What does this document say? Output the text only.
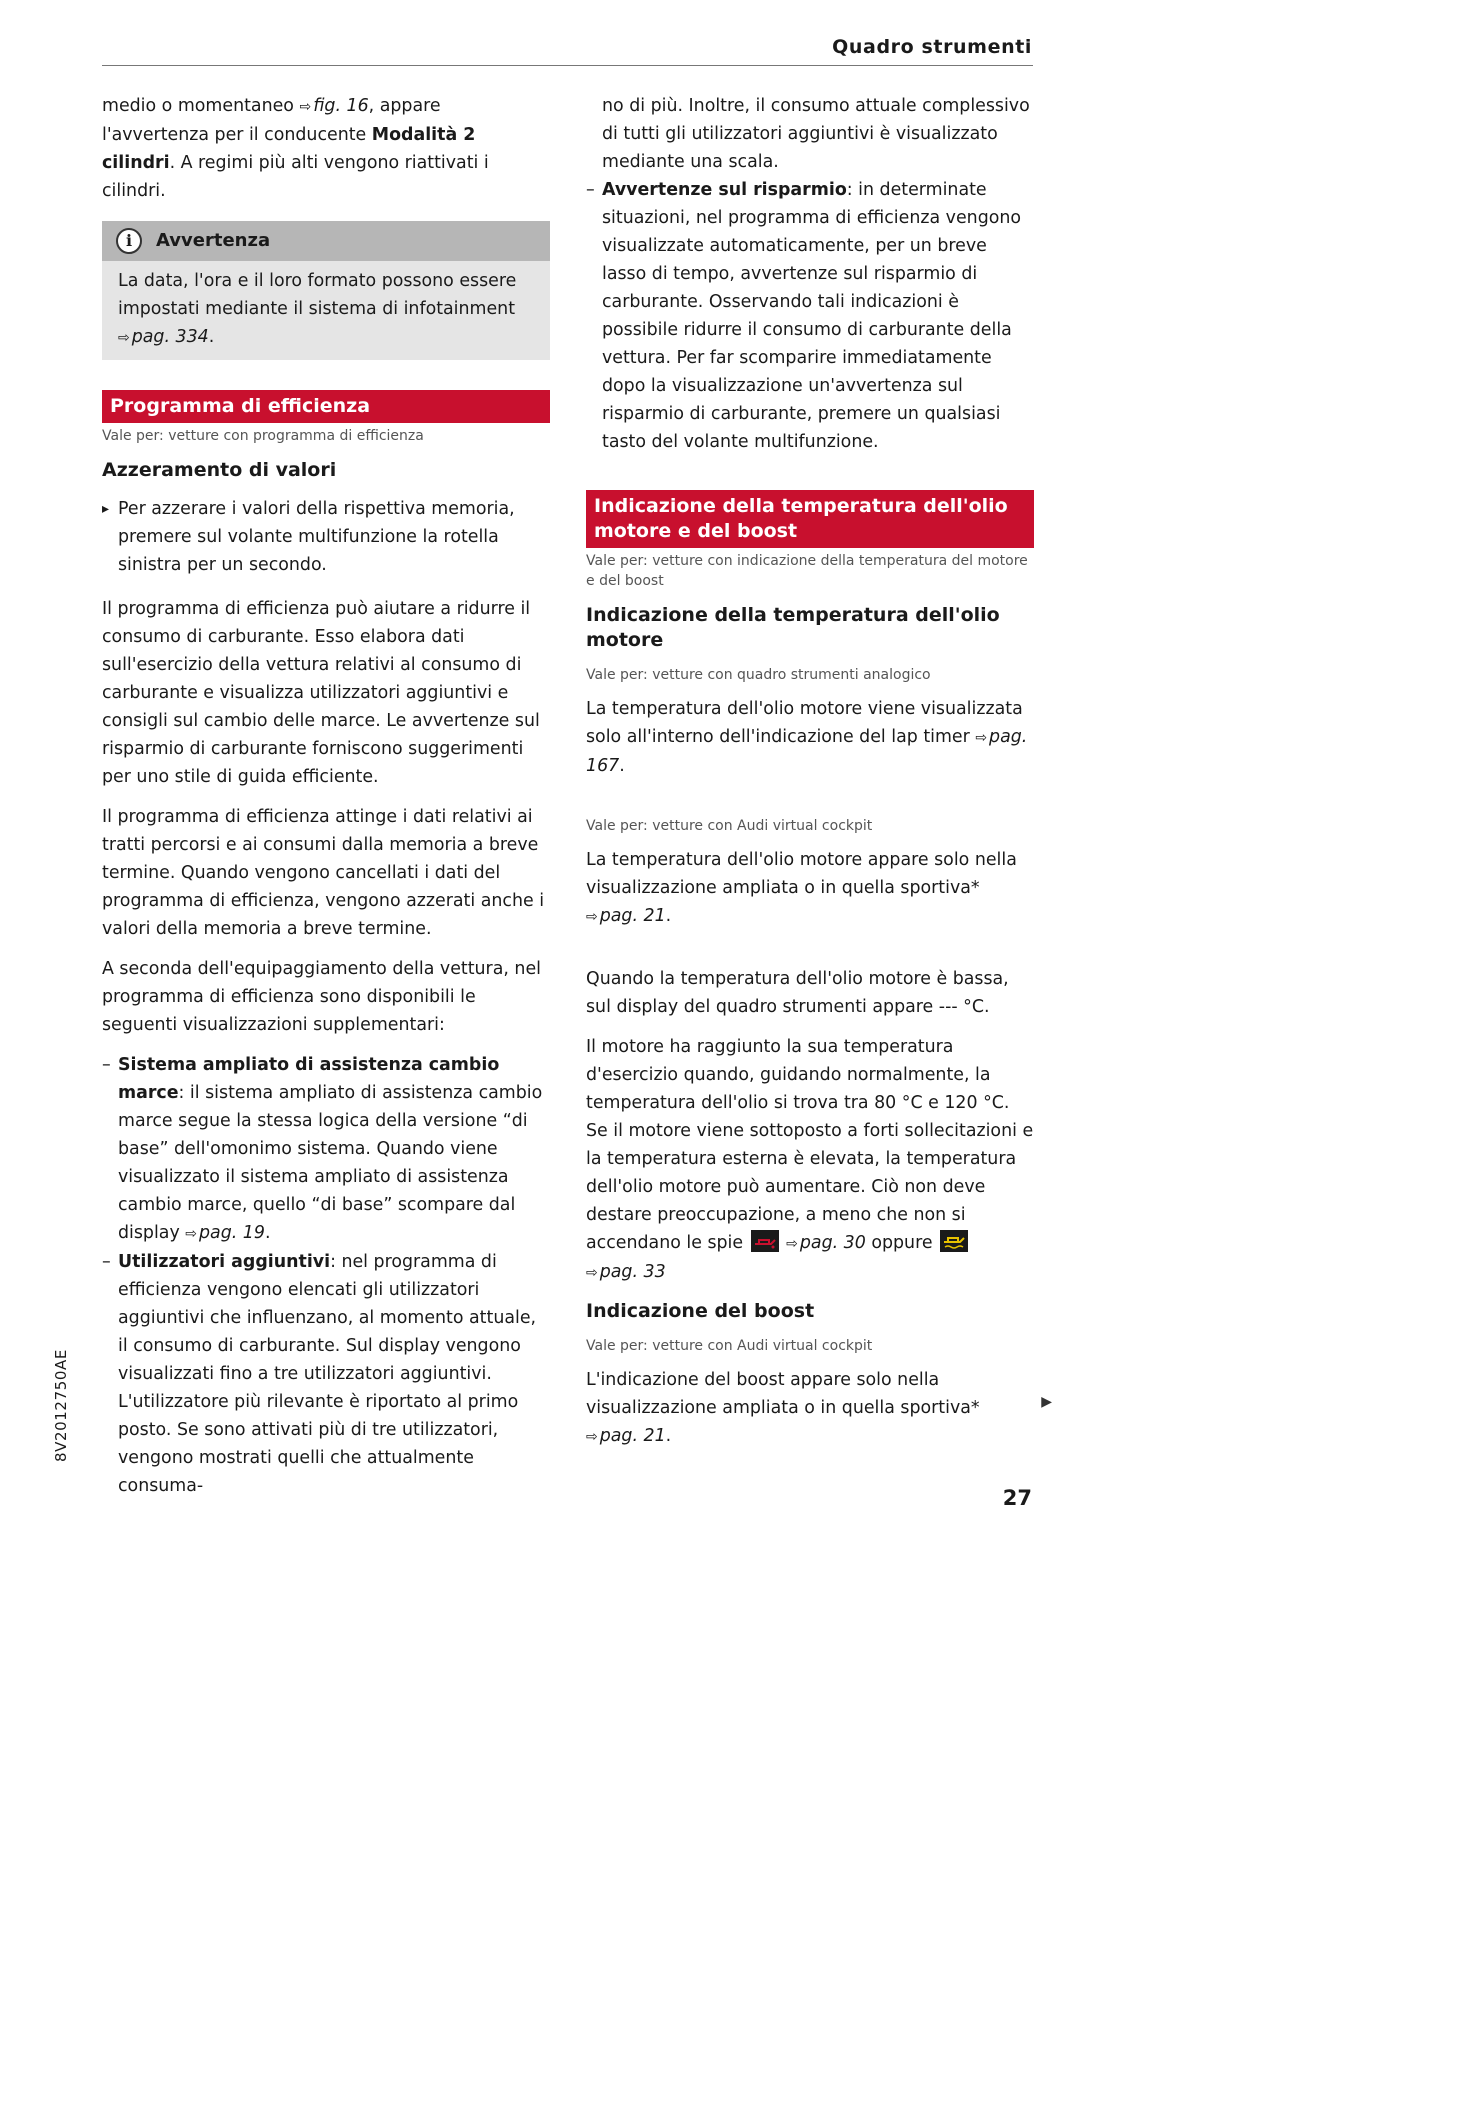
Quadro strumenti

medio o momentaneo ⇨ fig. 16, appare l'avvertenza per il conducente Modalità 2 cilindri. A regimi più alti vengono riattivati i cilindri.

i	Avvertenza
La data, l'ora e il loro formato possono essere impostati mediante il sistema di infotainment ⇨ pag. 334.
Programma di efficienza
Vale per: vetture con programma di efficienza
Azzeramento di valori
▸ Per azzerare i valori della rispettiva memoria, premere sul volante multifunzione la rotella sinistra per un secondo.

Il programma di efficienza può aiutare a ridurre il consumo di carburante. Esso elabora dati sull'esercizio della vettura relativi al consumo di carburante e visualizza utilizzatori aggiuntivi e consigli sul cambio delle marce. Le avvertenze sul risparmio di carburante forniscono suggerimenti per uno stile di guida efficiente.

Il programma di efficienza attinge i dati relativi ai tratti percorsi e ai consumi dalla memoria a breve termine. Quando vengono cancellati i dati del programma di efficienza, vengono azzerati anche i valori della memoria a breve termine.

A seconda dell'equipaggiamento della vettura, nel programma di efficienza sono disponibili le seguenti visualizzazioni supplementari:

– Sistema ampliato di assistenza cambio marce: il sistema ampliato di assistenza cambio marce segue la stessa logica della versione “di base” dell'omonimo sistema. Quando viene visualizzato il sistema ampliato di assistenza cambio marce, quello “di base” scompare dal display ⇨ pag. 19.
– Utilizzatori aggiuntivi: nel programma di efficienza vengono elencati gli utilizzatori aggiuntivi che influenzano, al momento attuale, il consumo di carburante. Sul display vengono visualizzati fino a tre utilizzatori aggiuntivi. L'utilizzatore più rilevante è riportato al primo posto. Se sono attivati più di tre utilizzatori, vengono mostrati quelli che attualmente consuma-
no di più. Inoltre, il consumo attuale complessivo di tutti gli utilizzatori aggiuntivi è visualizzato mediante una scala.
– Avvertenze sul risparmio: in determinate situazioni, nel programma di efficienza vengono visualizzate automaticamente, per un breve lasso di tempo, avvertenze sul risparmio di carburante. Osservando tali indicazioni è possibile ridurre il consumo di carburante della vettura. Per far scomparire immediatamente dopo la visualizzazione un'avvertenza sul risparmio di carburante, premere un qualsiasi tasto del volante multifunzione.
Indicazione della temperatura dell'olio motore e del boost
Vale per: vetture con indicazione della temperatura del motore e del boost
Indicazione della temperatura dell'olio motore
Vale per: vetture con quadro strumenti analogico

La temperatura dell'olio motore viene visualizzata solo all'interno dell'indicazione del lap timer ⇨ pag. 167.

Vale per: vetture con Audi virtual cockpit

La temperatura dell'olio motore appare solo nella visualizzazione ampliata o in quella sportiva* ⇨ pag. 21.

Quando la temperatura dell'olio motore è bassa, sul display del quadro strumenti appare --- °C.

Il motore ha raggiunto la sua temperatura d'esercizio quando, guidando normalmente, la temperatura dell'olio si trova tra 80 °C e 120 °C. Se il motore viene sottoposto a forti sollecitazioni e la temperatura esterna è elevata, la temperatura dell'olio motore può aumentare. Ciò non deve destare preoccupazione, a meno che non si accendano le spie	⇨ pag. 30 oppure
⇨ pag. 33

Indicazione del boost
Vale per: vetture con Audi virtual cockpit

L'indicazione del boost appare solo nella visualizzazione ampliata o in quella sportiva* ⇨ pag. 21.

▶
8V2012750AE
27
